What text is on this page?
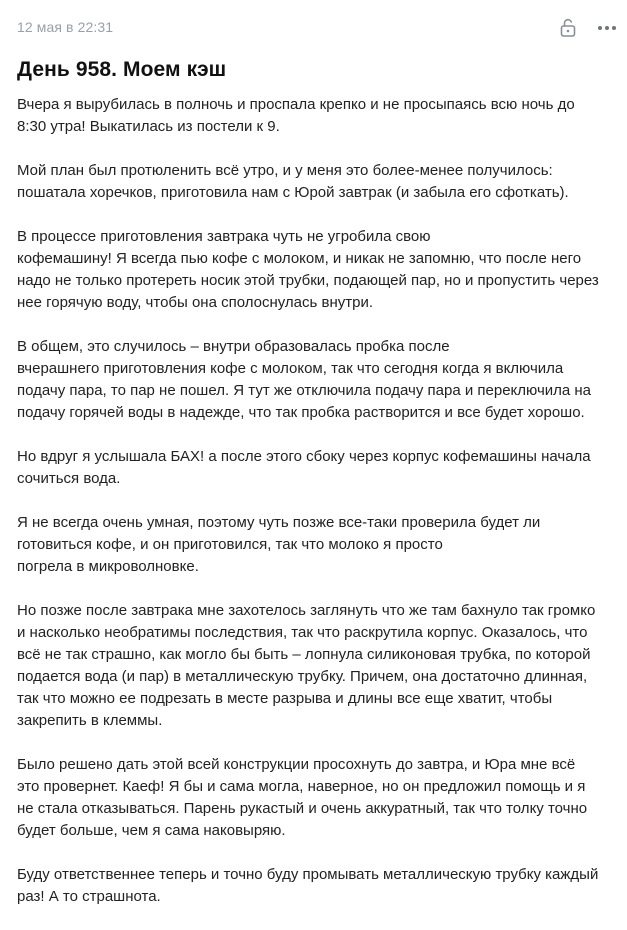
12 мая в 22:31
День 958. Моем кэш

Вчера я вырубилась в полночь и проспала крепко и не просыпаясь всю ночь до
8:30 утра! Выкатилась из постели к 9.

Мой план был протюленить всё утро, и у меня это более-менее получилось:
пошатала хоречков, приготовила нам с Юрой завтрак (и забыла его сфоткать).

В процессе приготовления завтрака чуть не угробила свою
кофемашину! Я всегда пью кофе с молоком, и никак не запомню, что после него
надо не только протереть носик этой трубки, подающей пар, но и пропустить через
нее горячую воду, чтобы она сполоснулась внутри.

В общем, это случилось – внутри образовалась пробка после
вчерашнего приготовления кофе с молоком, так что сегодня когда я включила
подачу пара, то пар не пошел. Я тут же отключила подачу пара и переключила на
подачу горячей воды в надежде, что так пробка растворится и все будет хорошо.

Но вдруг я услышала БАХ! а после этого сбоку через корпус кофемашины начала
сочиться вода.

Я не всегда очень умная, поэтому чуть позже все-таки проверила будет ли
готовиться кофе, и он приготовился, так что молоко я просто
погрела в микроволновке.

Но позже после завтрака мне захотелось заглянуть что же там бахнуло так громко
и насколько необратимы последствия, так что раскрутила корпус. Оказалось, что
всё не так страшно, как могло бы быть – лопнула силиконовая трубка, по которой
подается вода (и пар) в металлическую трубку. Причем, она достаточно длинная,
так что можно ее подрезать в месте разрыва и длины все еще хватит, чтобы
закрепить в клеммы.

Было решено дать этой всей конструкции просохнуть до завтра, и Юра мне всё
это провернет. Каеф! Я бы и сама могла, наверное, но он предложил помощь и я
не стала отказываться. Парень рукастый и очень аккуратный, так что толку точно
будет больше, чем я сама наковыряю.

Буду ответственнее теперь и точно буду промывать металлическую трубку каждый
раз! А то страшнота.
